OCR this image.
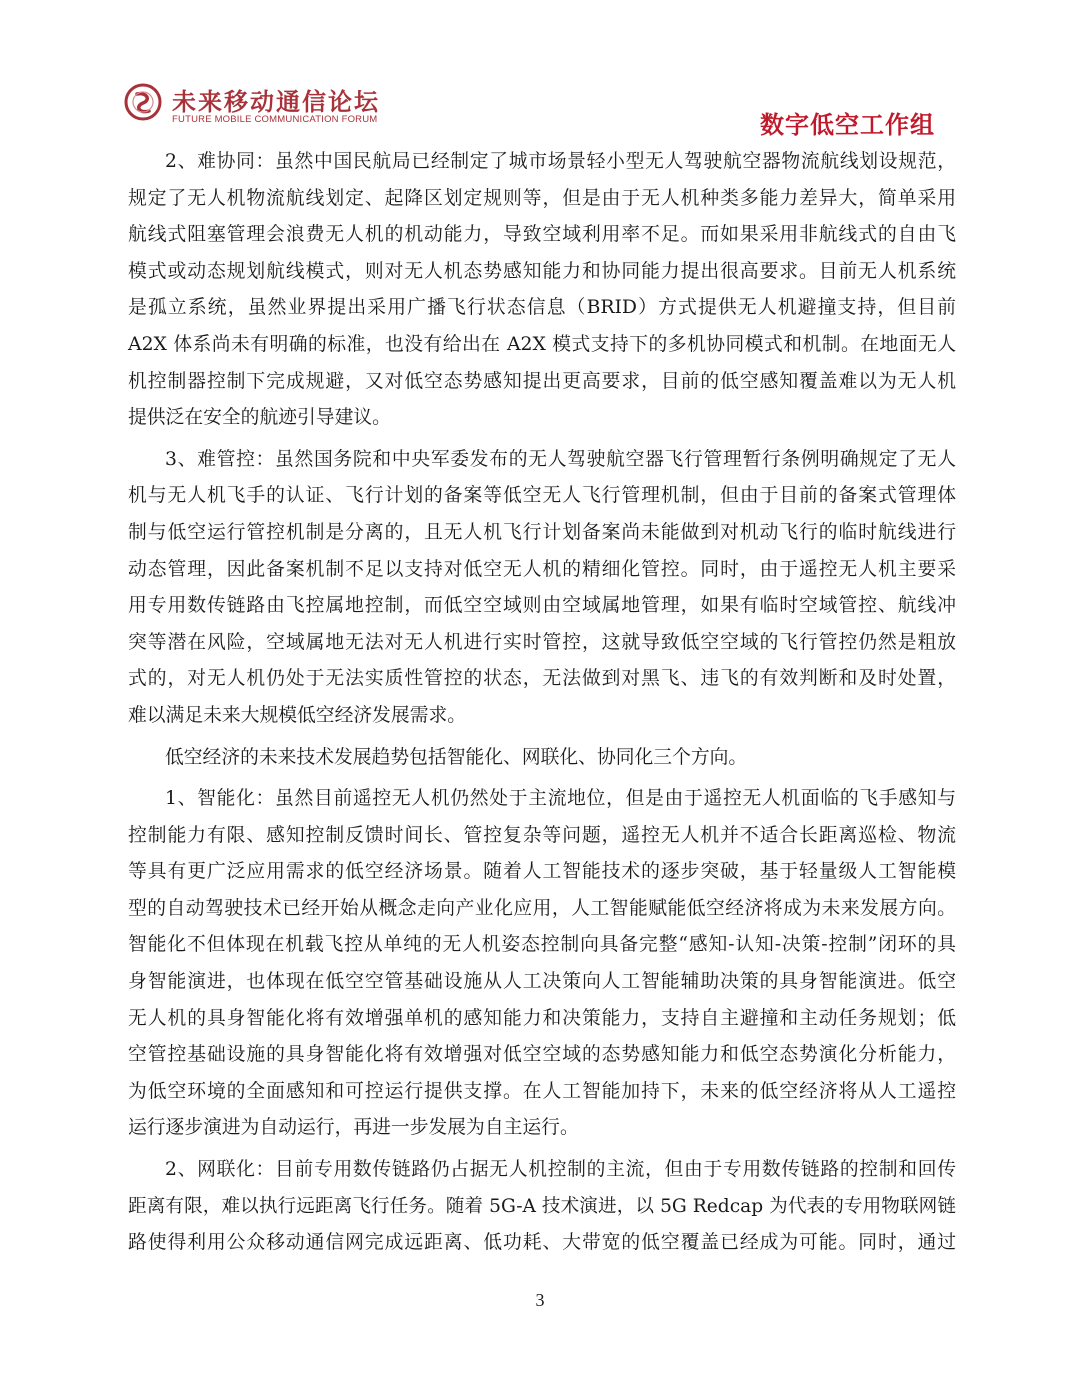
未来移动通信论坛
FUTURE MOBILE COMMUNICATION FORUM	数字低空工作组

2、难协同：虽然中国民航局已经制定了城市场景轻小型无人驾驶航空器物流航线划设规范，
规定了无人机物流航线划定、起降区划定规则等，但是由于无人机种类多能力差异大，简单采用
航线式阻塞管理会浪费无人机的机动能力，导致空域利用率不足。而如果采用非航线式的自由飞
模式或动态规划航线模式，则对无人机态势感知能力和协同能力提出很高要求。目前无人机系统
是孤立系统，虽然业界提出采用广播飞行状态信息（BRID）方式提供无人机避撞支持，但目前
A2X 体系尚未有明确的标准，也没有给出在 A2X 模式支持下的多机协同模式和机制。在地面无人
机控制器控制下完成规避，又对低空态势感知提出更高要求，目前的低空感知覆盖难以为无人机
提供泛在安全的航迹引导建议。

3、难管控：虽然国务院和中央军委发布的无人驾驶航空器飞行管理暂行条例明确规定了无人
机与无人机飞手的认证、飞行计划的备案等低空无人飞行管理机制，但由于目前的备案式管理体
制与低空运行管控机制是分离的，且无人机飞行计划备案尚未能做到对机动飞行的临时航线进行
动态管理，因此备案机制不足以支持对低空无人机的精细化管控。同时，由于遥控无人机主要采
用专用数传链路由飞控属地控制，而低空空域则由空域属地管理，如果有临时空域管控、航线冲
突等潜在风险，空域属地无法对无人机进行实时管控，这就导致低空空域的飞行管控仍然是粗放
式的，对无人机仍处于无法实质性管控的状态，无法做到对黑飞、违飞的有效判断和及时处置，
难以满足未来大规模低空经济发展需求。

低空经济的未来技术发展趋势包括智能化、网联化、协同化三个方向。

1、智能化：虽然目前遥控无人机仍然处于主流地位，但是由于遥控无人机面临的飞手感知与
控制能力有限、感知控制反馈时间长、管控复杂等问题，遥控无人机并不适合长距离巡检、物流
等具有更广泛应用需求的低空经济场景。随着人工智能技术的逐步突破，基于轻量级人工智能模
型的自动驾驶技术已经开始从概念走向产业化应用，人工智能赋能低空经济将成为未来发展方向。
智能化不但体现在机载飞控从单纯的无人机姿态控制向具备完整“感知-认知-决策-控制”闭环的具
身智能演进，也体现在低空空管基础设施从人工决策向人工智能辅助决策的具身智能演进。低空
无人机的具身智能化将有效增强单机的感知能力和决策能力，支持自主避撞和主动任务规划；低
空管控基础设施的具身智能化将有效增强对低空空域的态势感知能力和低空态势演化分析能力，
为低空环境的全面感知和可控运行提供支撑。在人工智能加持下，未来的低空经济将从人工遥控
运行逐步演进为自动运行，再进一步发展为自主运行。

2、网联化：目前专用数传链路仍占据无人机控制的主流，但由于专用数传链路的控制和回传
距离有限，难以执行远距离飞行任务。随着 5G-A 技术演进，以 5G Redcap 为代表的专用物联网链
路使得利用公众移动通信网完成远距离、低功耗、大带宽的低空覆盖已经成为可能。同时，通过

3
